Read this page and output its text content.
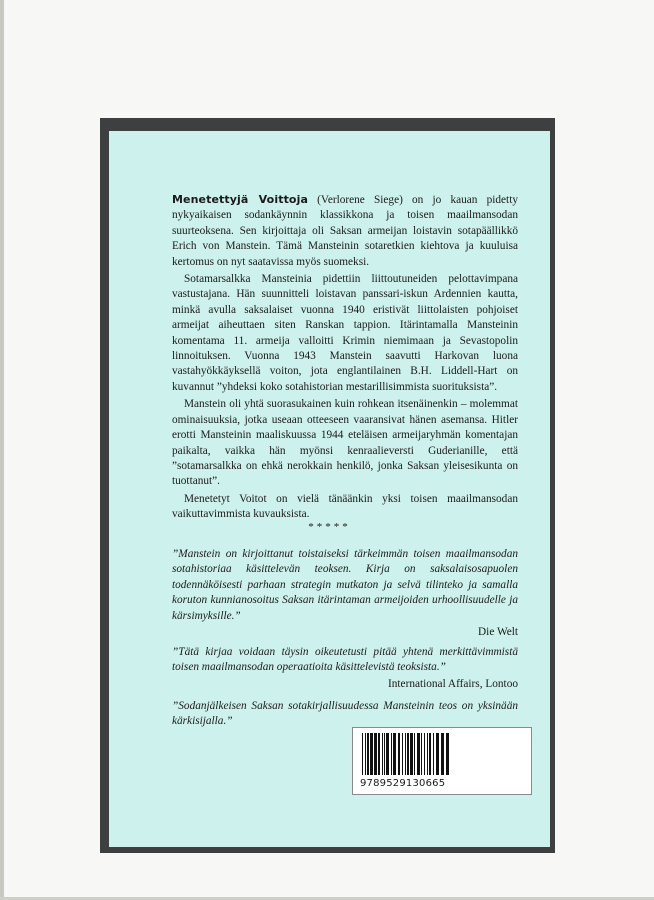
Menetettyjä Voittoja (Verlorene Siege) on jo kauan pidetty nykyaikaisen sodankäynnin klassikkona ja toisen maailmansodan suurteoksena. Sen kirjoittaja oli Saksan armeijan loistavin sotapäällikkö Erich von Manstein. Tämä Mansteinin sotaretkien kiehtova ja kuuluisa kertomus on nyt saatavissa myös suomeksi.

Sotamarsalkka Mansteinia pidettiin liittoutuneiden pelottavimpana vastustajana. Hän suunnitteli loistavan panssari-iskun Ardennien kautta, minkä avulla saksalaiset vuonna 1940 eristivät liittolaisten pohjoiset armeijat aiheuttaen siten Ranskan tappion. Itärintamalla Mansteinin komentama 11. armeija valloitti Krimin niemimaan ja Sevastopolin linnoituksen. Vuonna 1943 Manstein saavutti Harkovan luona vastahyökkäyksellä voiton, jota englantilainen B.H. Liddell-Hart on kuvannut ”yhdeksi koko sotahistorian mestarillisimmista suorituksista”.

Manstein oli yhtä suorasukainen kuin rohkean itsenäinenkin – molemmat ominaisuuksia, jotka useaan otteeseen vaaransivat hänen asemansa. Hitler erotti Mansteinin maaliskuussa 1944 eteläisen armeijaryhmän komentajan paikalta, vaikka hän myönsi kenraalieversti Guderianille, että ”sotamarsalkka on ehkä nerokkain henkilö, jonka Saksan yleisesikunta on tuottanut”.

Menetetyt Voitot on vielä tänäänkin yksi toisen maailmansodan vaikuttavimmista kuvauksista.

*****

”Manstein on kirjoittanut toistaiseksi tärkeimmän toisen maailmansodan sotahistoriaa käsittelevän teoksen. Kirja on saksalaisosapuolen todennäköisesti parhaan strategin mutkaton ja selvä tilinteko ja samalla koruton kunnianosoitus Saksan itärintaman armeijoiden urhoollisuudelle ja kärsimyksille.”

Die Welt

”Tätä kirjaa voidaan täysin oikeutetusti pitää yhtenä merkittävimmistä toisen maailmansodan operaatioita käsittelevistä teoksista.”

International Affairs, Lontoo

”Sodanjälkeisen Saksan sotakirjallisuudessa Mansteinin teos on yksinään kärkisijalla.”

9789529130665
